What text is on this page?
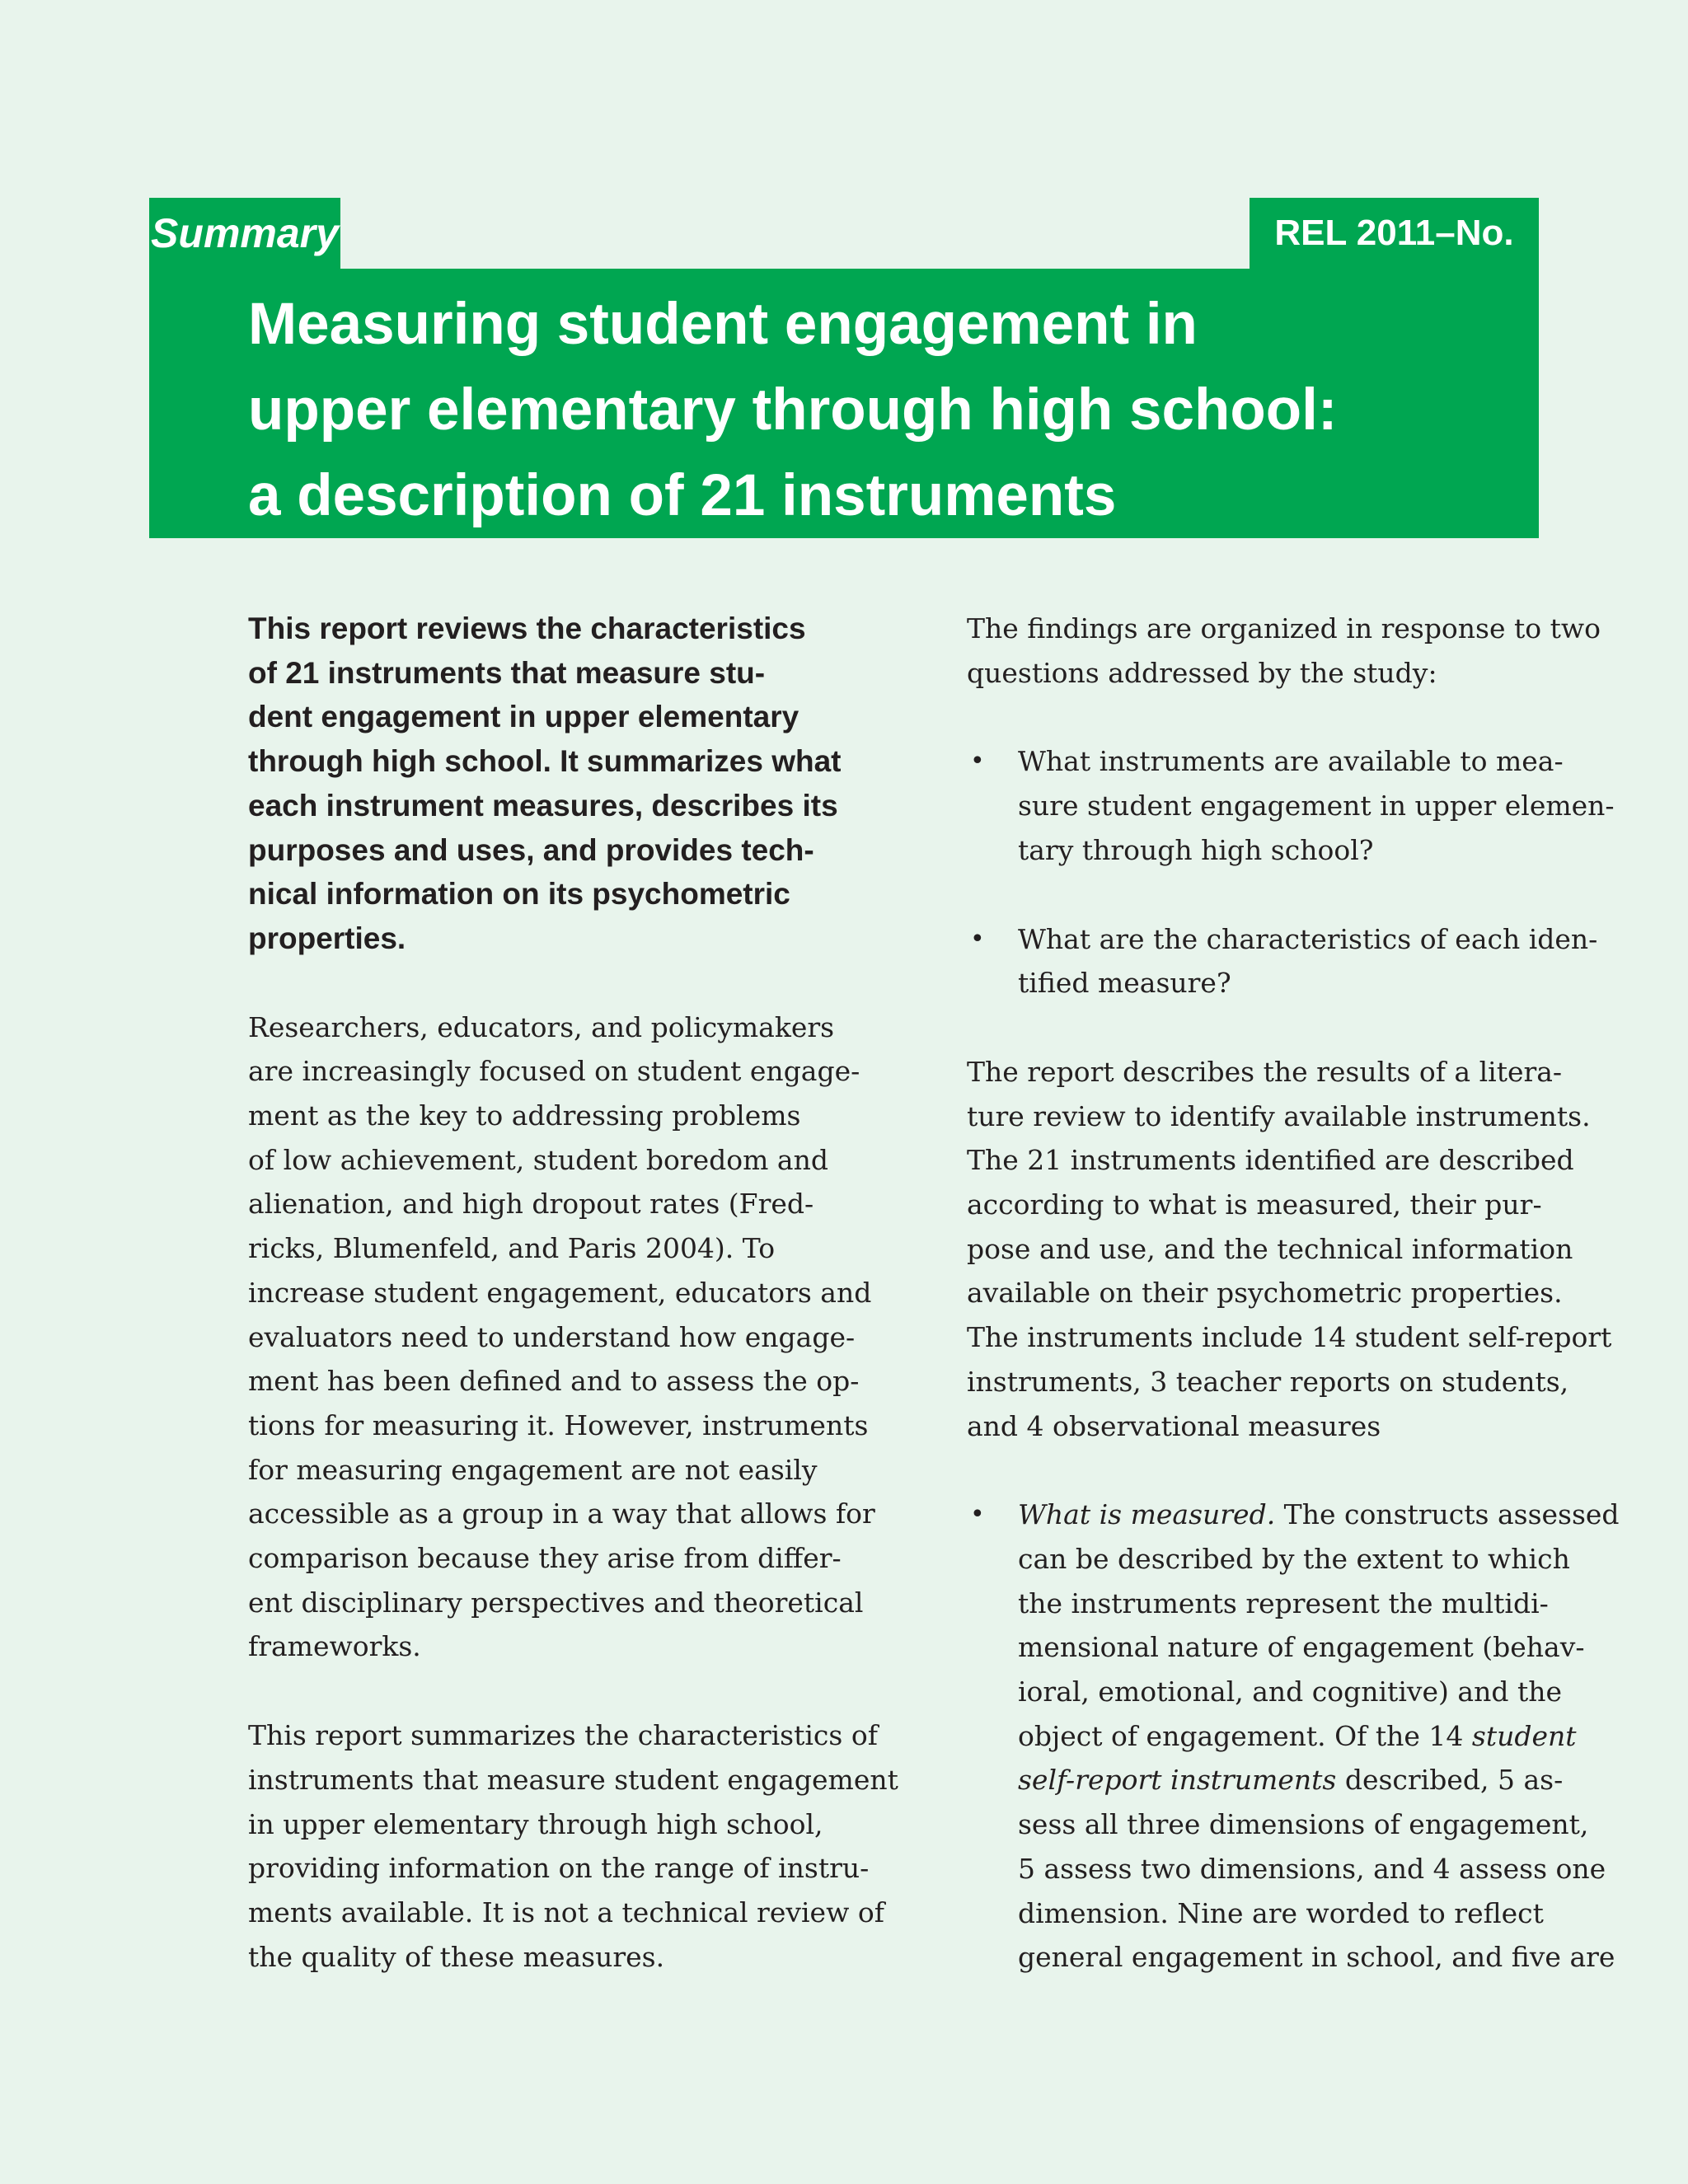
Summary	REL 2011–No.
Measuring student engagement in
upper elementary through high school:
a description of 21 instruments

This report reviews the characteristics
of 21 instruments that measure stu-
dent engagement in upper elementary
through high school. It summarizes what
each instrument measures, describes its
purposes and uses, and provides tech-
nical information on its psychometric
properties.

Researchers, educators, and policymakers
are increasingly focused on student engage-
ment as the key to addressing problems
of low achievement, student boredom and
alienation, and high dropout rates (Fred-
ricks, Blumenfeld, and Paris 2004). To
increase student engagement, educators and
evaluators need to understand how engage-
ment has been defined and to assess the op-
tions for measuring it. However, instruments
for measuring engagement are not easily
accessible as a group in a way that allows for
comparison because they arise from differ-
ent disciplinary perspectives and theoretical
frameworks.

This report summarizes the characteristics of
instruments that measure student engagement
in upper elementary through high school,
providing information on the range of instru-
ments available. It is not a technical review of
the quality of these measures.

The findings are organized in response to two
questions addressed by the study:

• What instruments are available to mea-
sure student engagement in upper elemen-
tary through high school?
• What are the characteristics of each iden-
tified measure?

The report describes the results of a litera-
ture review to identify available instruments.
The 21 instruments identified are described
according to what is measured, their pur-
pose and use, and the technical information
available on their psychometric properties.
The instruments include 14 student self-report
instruments, 3 teacher reports on students,
and 4 observational measures

• What is measured. The constructs assessed
can be described by the extent to which
the instruments represent the multidi-
mensional nature of engagement (behav-
ioral, emotional, and cognitive) and the
object of engagement. Of the 14 student
self-report instruments described, 5 as-
sess all three dimensions of engagement,
5 assess two dimensions, and 4 assess one
dimension. Nine are worded to reflect
general engagement in school, and five are
